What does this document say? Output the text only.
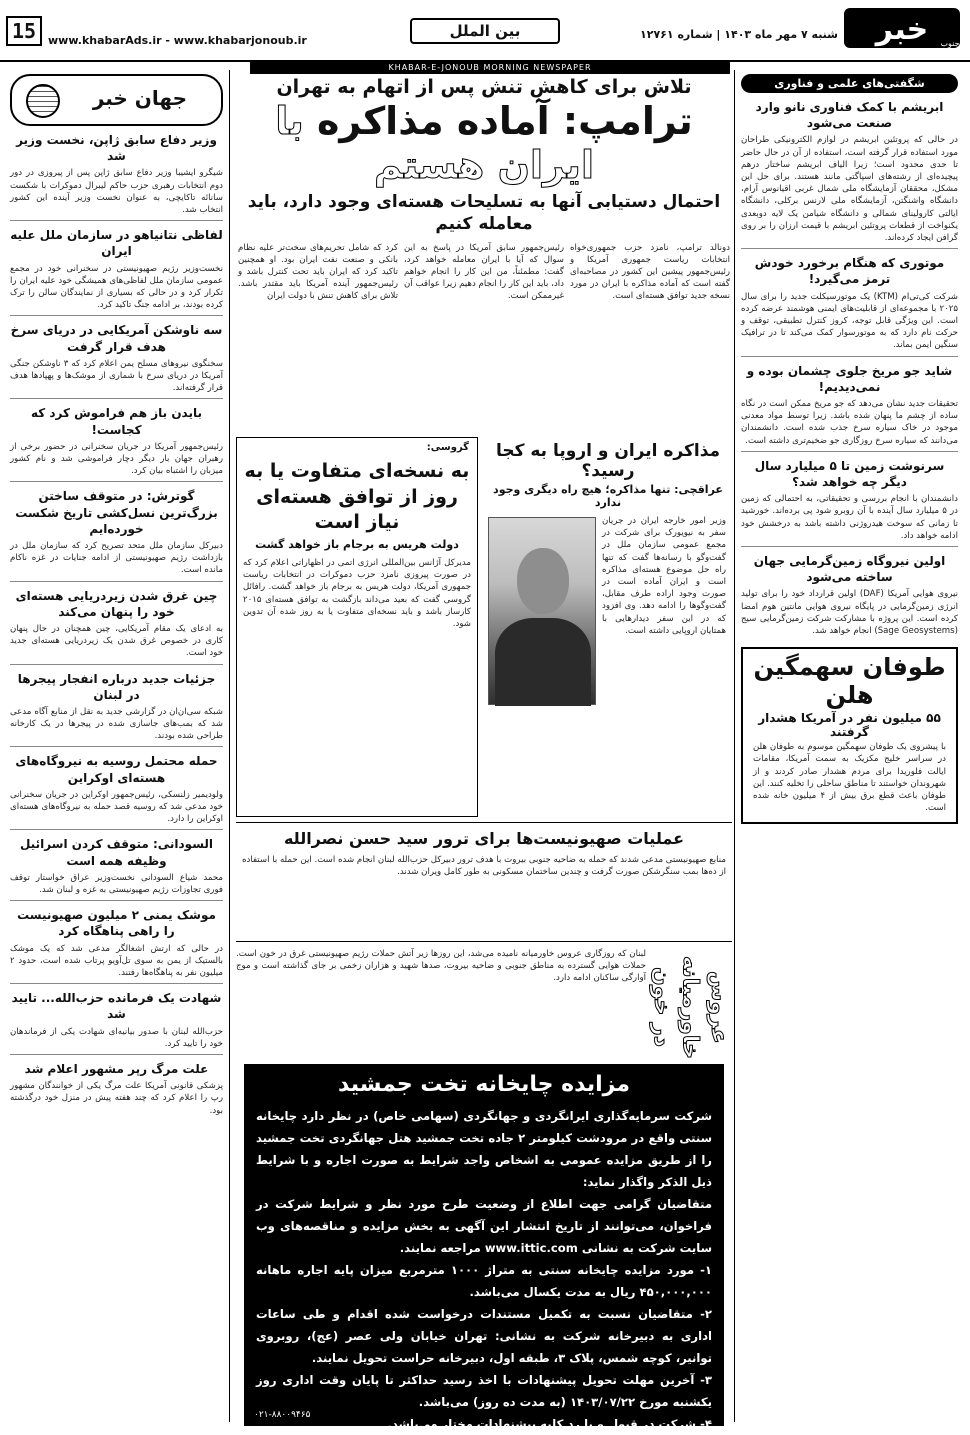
خبر جنوب
شنبه ۷ مهر ماه ۱۴۰۳ | شماره ۱۲۷۶۱
بین الملل
15	www.khabarAds.ir - www.khabarjonoub.ir
KHABAR-E-JONOUB MORNING NEWSPAPER
شگفتی‌های علمی و فناوری
ابریشم با کمک فناوری نانو وارد صنعت می‌شود

در حالی که پروتئین ابریشم در لوازم الکترونیکی طراحان مورد استفاده قرار گرفته است، استفاده از آن در حال حاضر تا حدی محدود است؛ زیرا الیاف ابریشم ساختار درهم پیچیده‌ای از رشته‌های اسپاگتی مانند هستند. برای حل این مشکل، محققان آزمایشگاه ملی شمال غربی اقیانوس آرام، دانشگاه واشنگتن، آزمایشگاه ملی لارنس برکلی، دانشگاه ایالتی کارولینای شمالی و دانشگاه شیامن یک لایه دوبعدی یکنواخت از قطعات پروتئین ابریشم با قیمت ارزان را بر روی گرافن ایجاد کرده‌اند.

موتوری که هنگام برخورد خودش ترمز می‌گیرد!

شرکت کی‌تی‌ام (KTM) یک موتورسیکلت جدید را برای سال ۲۰۲۵ با مجموعه‌ای از قابلیت‌های ایمنی هوشمند عرضه کرده است. این ویژگی قابل توجه، کروز کنترل تطبیقی، توقف و حرکت نام دارد که به موتورسوار کمک می‌کند تا در ترافیک سنگین ایمن بماند.

شاید جو مریخ جلوی چشمان بوده و نمی‌دیدیم!

تحقیقات جدید نشان می‌دهد که جو مریخ ممکن است در نگاه ساده از چشم ما پنهان شده باشد. زیرا توسط مواد معدنی موجود در خاک سیاره سرخ جذب شده است. دانشمندان می‌دانند که سیاره سرخ روزگاری جو ضخیم‌تری داشته است.

سرنوشت زمین تا ۵ میلیارد سال دیگر چه خواهد شد؟

دانشمندان با انجام بررسی و تحقیقاتی، به احتمالی که زمین در ۵ میلیارد سال آینده با آن روبرو شود پی برده‌اند. خورشید تا زمانی که سوخت هیدروژنی داشته باشد به درخشش خود ادامه خواهد داد.

اولین نیروگاه زمین‌گرمایی جهان ساخته می‌شود

نیروی هوایی آمریکا (DAF) اولین قرارداد خود را برای تولید انرژی زمین‌گرمایی در پایگاه نیروی هوایی مانتین هوم امضا کرده است. این پروژه با مشارکت شرکت زمین‌گرمایی سیج (Sage Geosystems) انجام خواهد شد.

طوفان سهمگین هلن
۵۵ میلیون نفر در آمریکا هشدار گرفتند

با پیشروی یک طوفان سهمگین موسوم به طوفان هلن در سراسر خلیج مکزیک به سمت آمریکا، مقامات ایالت فلوریدا برای مردم هشدار صادر کردند و از شهروندان خواستند تا مناطق ساحلی را تخلیه کنند. این طوفان باعث قطع برق بیش از ۴ میلیون خانه شده است.

جهان خبر
وزیر دفاع سابق ژاپن، نخست وزیر شد

شیگرو ایشیبا وزیر دفاع سابق ژاپن پس از پیروزی در دور دوم انتخابات رهبری حزب حاکم لیبرال دموکرات با شکست سانائه تاکایچی، به عنوان نخست وزیر آینده این کشور انتخاب شد.

لفاظی نتانیاهو در سازمان ملل علیه ایران

نخست‌وزیر رژیم صهیونیستی در سخنرانی خود در مجمع عمومی سازمان ملل لفاظی‌های همیشگی خود علیه ایران را تکرار کرد و در حالی که بسیاری از نمایندگان سالن را ترک کرده بودند، بر ادامه جنگ تاکید کرد.

سه ناوشکن آمریکایی در دریای سرخ هدف قرار گرفت

سخنگوی نیروهای مسلح یمن اعلام کرد که ۳ ناوشکن جنگی آمریکا در دریای سرخ با شماری از موشک‌ها و پهپادها هدف قرار گرفته‌اند.

بایدن باز هم فراموش کرد که کجاست!

رئیس‌جمهور آمریکا در جریان سخنرانی در حضور برخی از رهبران جهان بار دیگر دچار فراموشی شد و نام کشور میزبان را اشتباه بیان کرد.

گوترش: در متوقف ساختن بزرگ‌ترین نسل‌کشی تاریخ شکست خورده‌ایم

دبیرکل سازمان ملل متحد تصریح کرد که سازمان ملل در بازداشت رژیم صهیونیستی از ادامه جنایات در غزه ناکام مانده است.

چین غرق شدن زیردریایی هسته‌ای خود را پنهان می‌کند

به ادعای یک مقام آمریکایی، چین همچنان در حال پنهان کاری در خصوص غرق شدن یک زیردریایی هسته‌ای جدید خود است.

جزئیات جدید درباره انفجار پیجرها در لبنان

شبکه سی‌ان‌ان در گزارشی جدید به نقل از منابع آگاه مدعی شد که بمب‌های جاسازی شده در پیجرها در یک کارخانه طراحی شده بودند.

حمله محتمل روسیه به نیروگاه‌های هسته‌ای اوکراین

ولودیمیر زلنسکی، رئیس‌جمهور اوکراین در جریان سخنرانی خود مدعی شد که روسیه قصد حمله به نیروگاه‌های هسته‌ای اوکراین را دارد.

السودانی: متوقف کردن اسرائیل وظیفه همه است

محمد شیاع السودانی نخست‌وزیر عراق خواستار توقف فوری تجاوزات رژیم صهیونیستی به غزه و لبنان شد.

موشک یمنی ۲ میلیون صهیونیست را راهی پناهگاه کرد

در حالی که ارتش اشغالگر مدعی شد که یک موشک بالستیک از یمن به سوی تل‌آویو پرتاب شده است، حدود ۲ میلیون نفر به پناهگاه‌ها رفتند.

شهادت یک فرمانده حزب‌الله... تایید شد

حزب‌الله لبنان با صدور بیانیه‌ای شهادت یکی از فرماندهان خود را تایید کرد.

علت مرگ رپر مشهور اعلام شد

پزشکی قانونی آمریکا علت مرگ یکی از خوانندگان مشهور رپ را اعلام کرد که چند هفته پیش در منزل خود درگذشته بود.

تلاش برای کاهش تنش پس از اتهام به تهران
ترامپ: آماده مذاکره با ایران هستم
احتمال دستیابی آنها به تسلیحات هسته‌ای وجود دارد، باید معامله کنیم

دونالد ترامپ، نامزد حزب جمهوری‌خواه انتخابات ریاست جمهوری آمریکا و رئیس‌جمهور پیشین این کشور در مصاحبه‌ای گفته است که آماده مذاکره با ایران در مورد نسخه جدید توافق هسته‌ای است.

رئیس‌جمهور سابق آمریکا در پاسخ به این سوال که آیا با ایران معامله خواهد کرد، گفت: مطمئناً، من این کار را انجام خواهم داد، باید این کار را انجام دهیم زیرا عواقب آن غیرممکن است.

کرد که شامل تحریم‌های سخت‌تر علیه نظام بانکی و صنعت نفت ایران بود. او همچنین تاکید کرد که ایران باید تحت کنترل باشد و رئیس‌جمهور آینده آمریکا باید مقتدر باشد. تلاش برای کاهش تنش با دولت ایران

گروسی:
به نسخه‌ای متفاوت یا به روز از توافق هسته‌ای نیاز است
دولت هریس به برجام باز خواهد گشت

مدیرکل آژانس بین‌المللی انرژی اتمی در اظهاراتی اعلام کرد که در صورت پیروزی نامزد حزب دموکرات در انتخابات ریاست جمهوری آمریکا، دولت هریس به برجام باز خواهد گشت. رافائل گروسی گفت که بعید می‌داند بازگشت به توافق هسته‌ای ۲۰۱۵ کارساز باشد و باید نسخه‌ای متفاوت یا به روز شده آن تدوین شود.

مذاکره ایران و اروپا به کجا رسید؟
عراقچی: تنها مذاکره؛ هیچ راه دیگری وجود ندارد

وزیر امور خارجه ایران در جریان سفر به نیویورک برای شرکت در مجمع عمومی سازمان ملل در گفت‌وگو با رسانه‌ها گفت که تنها راه حل موضوع هسته‌ای مذاکره است و ایران آماده است در صورت وجود اراده طرف مقابل، گفت‌وگوها را ادامه دهد. وی افزود که در این سفر دیدارهایی با همتایان اروپایی داشته است.

عملیات صهیونیست‌ها برای ترور سید حسن نصرالله

منابع صهیونیستی مدعی شدند که حمله به ضاحیه جنوبی بیروت با هدف ترور دبیرکل حزب‌الله لبنان انجام شده است. این حمله با استفاده از ده‌ها بمب سنگرشکن صورت گرفت و چندین ساختمان مسکونی به طور کامل ویران شدند.

عروس خاورمیانه در خون

لبنان که روزگاری عروس خاورمیانه نامیده می‌شد، این روزها زیر آتش حملات رژیم صهیونیستی غرق در خون است. حملات هوایی گسترده به مناطق جنوبی و ضاحیه بیروت، صدها شهید و هزاران زخمی بر جای گذاشته است و موج آوارگی ساکنان ادامه دارد.

مزایده چایخانه تخت جمشید

شرکت سرمایه‌گذاری ایرانگردی و جهانگردی (سهامی خاص) در نظر دارد چایخانه سنتی واقع در مرودشت کیلومتر ۲ جاده تخت جمشید هتل جهانگردی تخت جمشید را از طریق مزایده عمومی به اشخاص واجد شرایط به صورت اجاره و با شرایط ذیل الذکر واگذار نماید:

متقاضیان گرامی جهت اطلاع از وضعیت طرح مورد نظر و شرایط شرکت در فراخوان، می‌توانند از تاریخ انتشار این آگهی به بخش مزایده و مناقصه‌های وب سایت شرکت به نشانی www.ittic.com مراجعه نمایند.

۱- مورد مزایده چایخانه سنتی به متراژ ۱۰۰۰ مترمربع میزان پایه اجاره ماهانه ۴۵۰,۰۰۰,۰۰۰ ریال به مدت یکسال می‌باشد.

۲- متقاضیان نسبت به تکمیل مستندات درخواست شده اقدام و طی ساعات اداری به دبیرخانه شرکت به نشانی: تهران خیابان ولی عصر (عج)، روبروی توانیر، کوچه شمس، پلاک ۳، طبقه اول، دبیرخانه حراست تحویل نمایند.

۳- آخرین مهلت تحویل پیشنهادات با اخذ رسید حداکثر تا پایان وقت اداری روز یکشنبه مورخ ۱۴۰۳/۰۷/۲۲ (به مدت ده روز) می‌باشد.

۴- شرکت در قبول و یا رد کلیه پیشنهادات مختار می‌باشد.

۰۲۱-۸۸۰۰۹۴۶۵
